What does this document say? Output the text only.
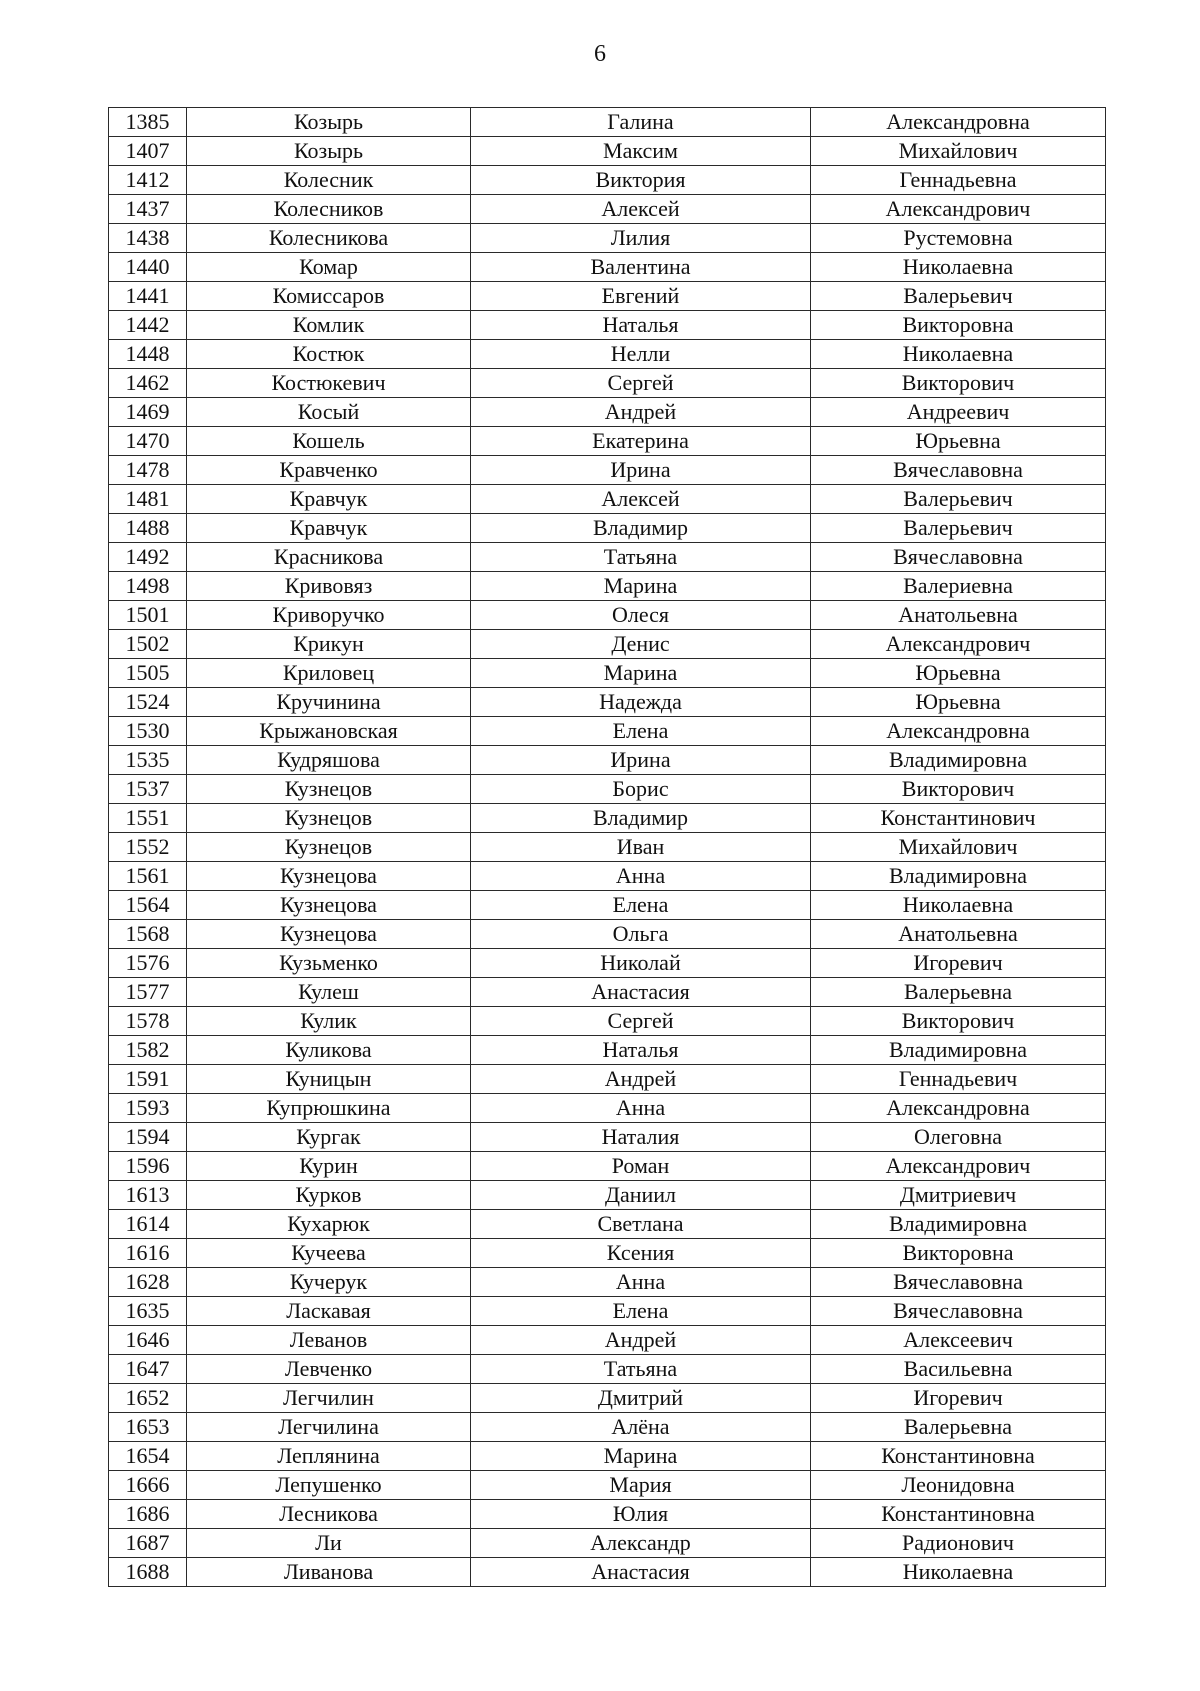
6
1385	Козырь	Галина	Александровна
1407	Козырь	Максим	Михайлович
1412	Колесник	Виктория	Геннадьевна
1437	Колесников	Алексей	Александрович
1438	Колесникова	Лилия	Рустемовна
1440	Комар	Валентина	Николаевна
1441	Комиссаров	Евгений	Валерьевич
1442	Комлик	Наталья	Викторовна
1448	Костюк	Нелли	Николаевна
1462	Костюкевич	Сергей	Викторович
1469	Косый	Андрей	Андреевич
1470	Кошель	Екатерина	Юрьевна
1478	Кравченко	Ирина	Вячеславовна
1481	Кравчук	Алексей	Валерьевич
1488	Кравчук	Владимир	Валерьевич
1492	Красникова	Татьяна	Вячеславовна
1498	Кривовяз	Марина	Валериевна
1501	Криворучко	Олеся	Анатольевна
1502	Крикун	Денис	Александрович
1505	Криловец	Марина	Юрьевна
1524	Кручинина	Надежда	Юрьевна
1530	Крыжановская	Елена	Александровна
1535	Кудряшова	Ирина	Владимировна
1537	Кузнецов	Борис	Викторович
1551	Кузнецов	Владимир	Константинович
1552	Кузнецов	Иван	Михайлович
1561	Кузнецова	Анна	Владимировна
1564	Кузнецова	Елена	Николаевна
1568	Кузнецова	Ольга	Анатольевна
1576	Кузьменко	Николай	Игоревич
1577	Кулеш	Анастасия	Валерьевна
1578	Кулик	Сергей	Викторович
1582	Куликова	Наталья	Владимировна
1591	Куницын	Андрей	Геннадьевич
1593	Купрюшкина	Анна	Александровна
1594	Кургак	Наталия	Олеговна
1596	Курин	Роман	Александрович
1613	Курков	Даниил	Дмитриевич
1614	Кухарюк	Светлана	Владимировна
1616	Кучеева	Ксения	Викторовна
1628	Кучерук	Анна	Вячеславовна
1635	Ласкавая	Елена	Вячеславовна
1646	Леванов	Андрей	Алексеевич
1647	Левченко	Татьяна	Васильевна
1652	Легчилин	Дмитрий	Игоревич
1653	Легчилина	Алёна	Валерьевна
1654	Леплянина	Марина	Константиновна
1666	Лепушенко	Мария	Леонидовна
1686	Лесникова	Юлия	Константиновна
1687	Ли	Александр	Радионович
1688	Ливанова	Анастасия	Николаевна
